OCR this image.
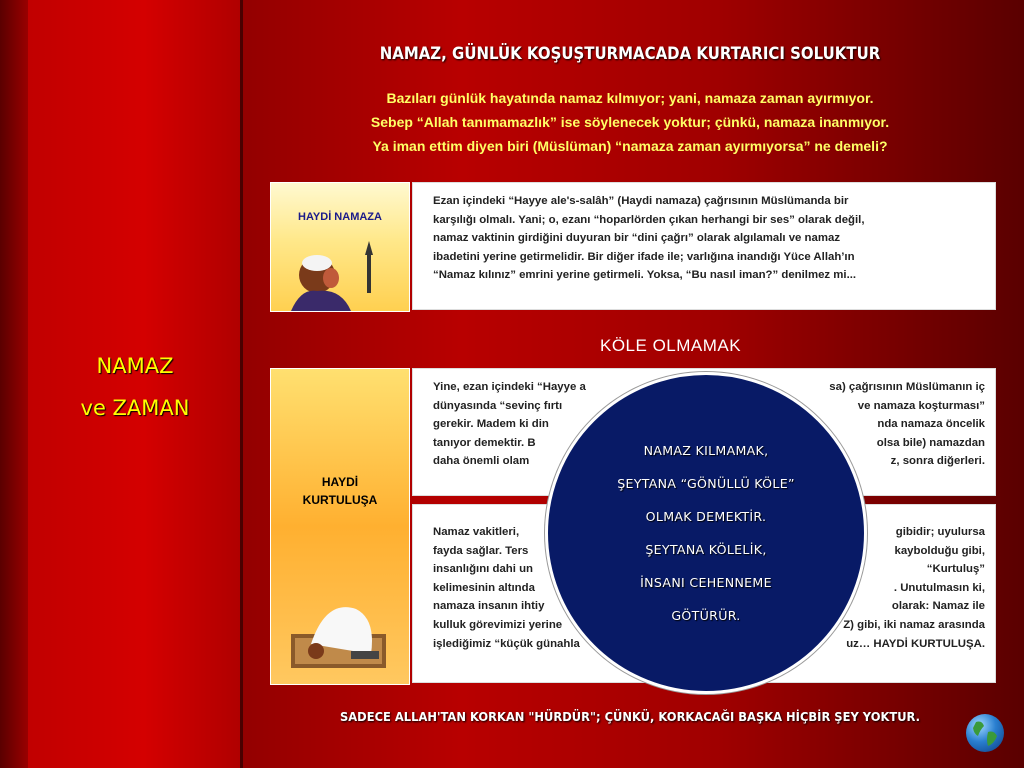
NAMAZ
ve ZAMAN
NAMAZ, GÜNLÜK KOŞUŞTURMACADA KURTARICI SOLUKTUR
Bazıları günlük hayatında namaz kılmıyor; yani, namaza zaman ayırmıyor.
Sebep “Allah tanımamazlık” ise söylenecek yoktur; çünkü, namaza inanmıyor.
Ya iman ettim diyen biri (Müslüman) “namaza zaman ayırmıyorsa” ne demeli?
HAYDİ NAMAZA
Ezan içindeki “Hayye ale's-salâh” (Haydi namaza) çağrısının Müslümanda bir
karşılığı olmalı. Yani; o, ezanı “hoparlörden çıkan herhangi bir ses” olarak değil,
namaz vaktinin girdiğini duyuran bir “dini çağrı” olarak algılamalı ve namaz
ibadetini yerine getirmelidir. Bir diğer ifade ile; varlığına inandığı Yüce Allah’ın
“Namaz kılınız” emrini yerine getirmeli. Yoksa, “Bu nasıl iman?” denilmez mi...
KÖLE OLMAMAK
HAYDİ
KURTULUŞA
Yine, ezan içindeki “Hayye a
dünyasında “sevinç fırtı
gerekir. Madem ki din
tanıyor demektir. B
daha önemli olam
sa) çağrısının Müslümanın iç
ve namaza koşturması”
nda namaza öncelik
olsa bile) namazdan
z, sonra diğerleri.
Namaz vakitleri,
fayda sağlar. Ters
insanlığını dahi un
kelimesinin altında
namaza insanın ihtiy
kulluk görevimizi yerine
işlediğimiz “küçük günahla
gibidir; uyulursa
kaybolduğu gibi,
“Kurtuluş”
. Unutulmasın ki,
olarak: Namaz ile
Z) gibi, iki namaz arasında
uz… HAYDİ KURTULUŞA.
NAMAZ KILMAMAK,
ŞEYTANA “GÖNÜLLÜ KÖLE”
OLMAK DEMEKTİR.
ŞEYTANA KÖLELİK,
İNSANI CEHENNEME
GÖTÜRÜR.
SADECE ALLAH'TAN KORKAN "HÜRDÜR"; ÇÜNKÜ, KORKACAĞI BAŞKA HİÇBİR ŞEY YOKTUR.
